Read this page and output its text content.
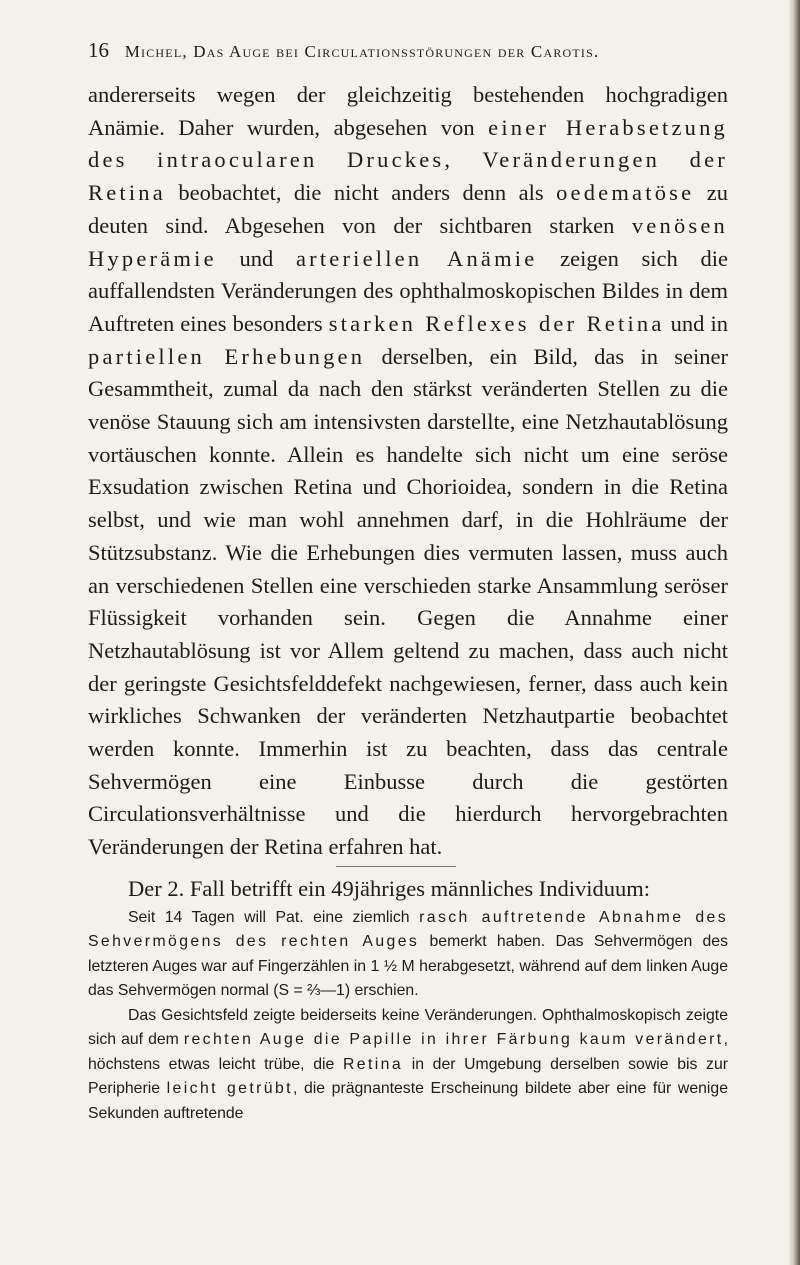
16 Michel, Das Auge bei Circulationsstörungen der Carotis.

andererseits wegen der gleichzeitig bestehenden hochgradigen Anämie. Daher wurden, abgesehen von einer Herabsetzung des intraocularen Druckes, Veränderungen der Retina beobachtet, die nicht anders denn als oedematöse zu deuten sind. Abgesehen von der sichtbaren starken venösen Hyperämie und arteriellen Anämie zeigen sich die auffallendsten Veränderungen des ophthalmoskopischen Bildes in dem Auftreten eines besonders starken Reflexes der Retina und in partiellen Erhebungen derselben, ein Bild, das in seiner Gesammtheit, zumal da nach den stärkst veränderten Stellen zu die venöse Stauung sich am intensivsten darstellte, eine Netzhautablösung vortäuschen konnte. Allein es handelte sich nicht um eine seröse Exsudation zwischen Retina und Chorioidea, sondern in die Retina selbst, und wie man wohl annehmen darf, in die Hohlräume der Stützsubstanz. Wie die Erhebungen dies vermuten lassen, muss auch an verschiedenen Stellen eine verschieden starke Ansammlung seröser Flüssigkeit vorhanden sein. Gegen die Annahme einer Netzhautablösung ist vor Allem geltend zu machen, dass auch nicht der geringste Gesichtsfelddefekt nachgewiesen, ferner, dass auch kein wirkliches Schwanken der veränderten Netzhautpartie beobachtet werden konnte. Immerhin ist zu beachten, dass das centrale Sehvermögen eine Einbusse durch die gestörten Circulationsverhältnisse und die hierdurch hervorgebrachten Veränderungen der Retina erfahren hat.

Der 2. Fall betrifft ein 49jähriges männliches Individuum:

Seit 14 Tagen will Pat. eine ziemlich rasch auftretende Abnahme des Sehvermögens des rechten Auges bemerkt haben. Das Sehvermögen des letzteren Auges war auf Fingerzählen in 1 ½ M herabgesetzt, während auf dem linken Auge das Sehvermögen normal (S = ⅔—1) erschien.

Das Gesichtsfeld zeigte beiderseits keine Veränderungen. Ophthalmoskopisch zeigte sich auf dem rechten Auge die Papille in ihrer Färbung kaum verändert, höchstens etwas leicht trübe, die Retina in der Umgebung derselben sowie bis zur Peripherie leicht getrübt, die prägnanteste Erscheinung bildete aber eine für wenige Sekunden auftretende
